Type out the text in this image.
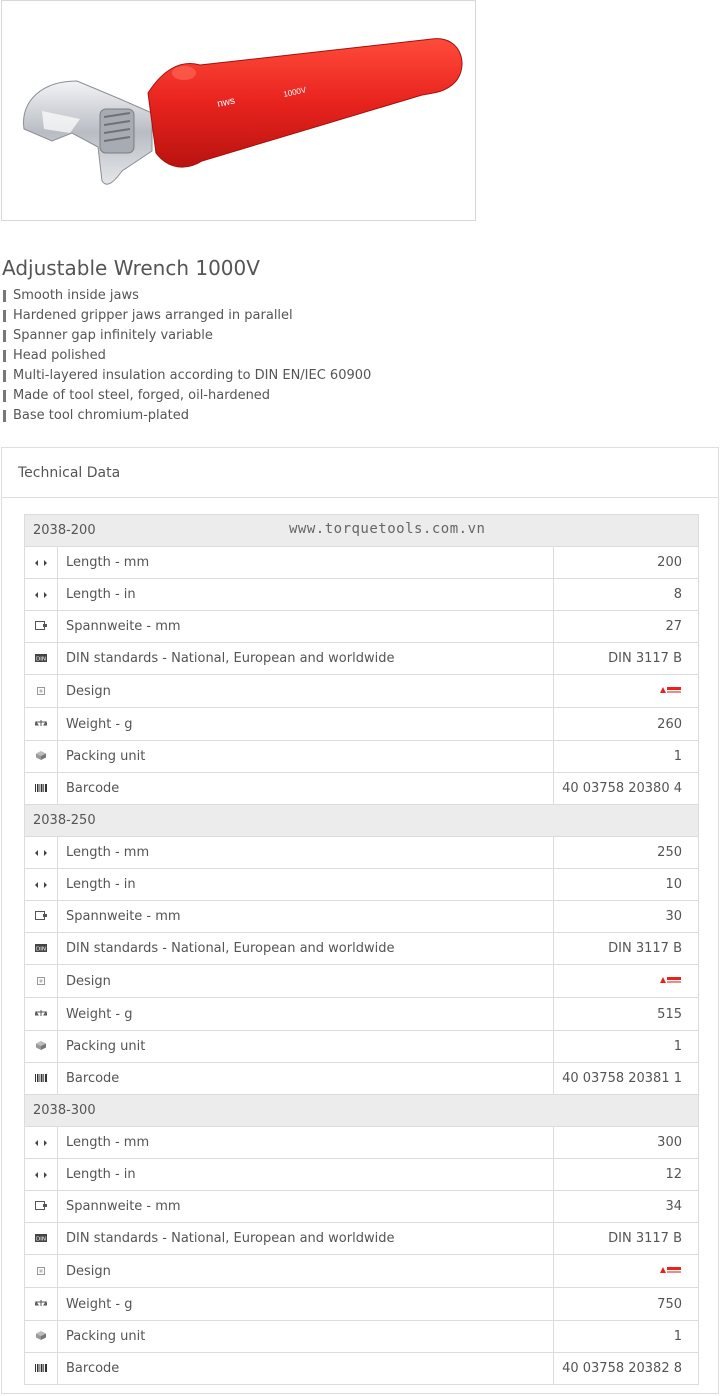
nws
1000V
Adjustable Wrench 1000V
Smooth inside jaws
Hardened gripper jaws arranged in parallel
Spanner gap infinitely variable
Head polished
Multi-layered insulation according to DIN EN/IEC 60900
Made of tool steel, forged, oil-hardened
Base tool chromium-plated
Technical Data
2038-200 www.torquetools.com.vn		

	Length - mm	200
	Length - in	8
	Spannweite - mm	27

DIN	DIN standards - National, European and worldwide	DIN 3117 B
	Design	
	Weight - g	260
	Packing unit	1
	Barcode	40 03758 20380 4
2038-250		
	Length - mm	250
	Length - in	10
	Spannweite - mm	30

DIN	DIN standards - National, European and worldwide	DIN 3117 B
	Design	
	Weight - g	515
	Packing unit	1
	Barcode	40 03758 20381 1
2038-300		
	Length - mm	300
	Length - in	12
	Spannweite - mm	34

DIN	DIN standards - National, European and worldwide	DIN 3117 B
	Design	
	Weight - g	750
	Packing unit	1
	Barcode	40 03758 20382 8
